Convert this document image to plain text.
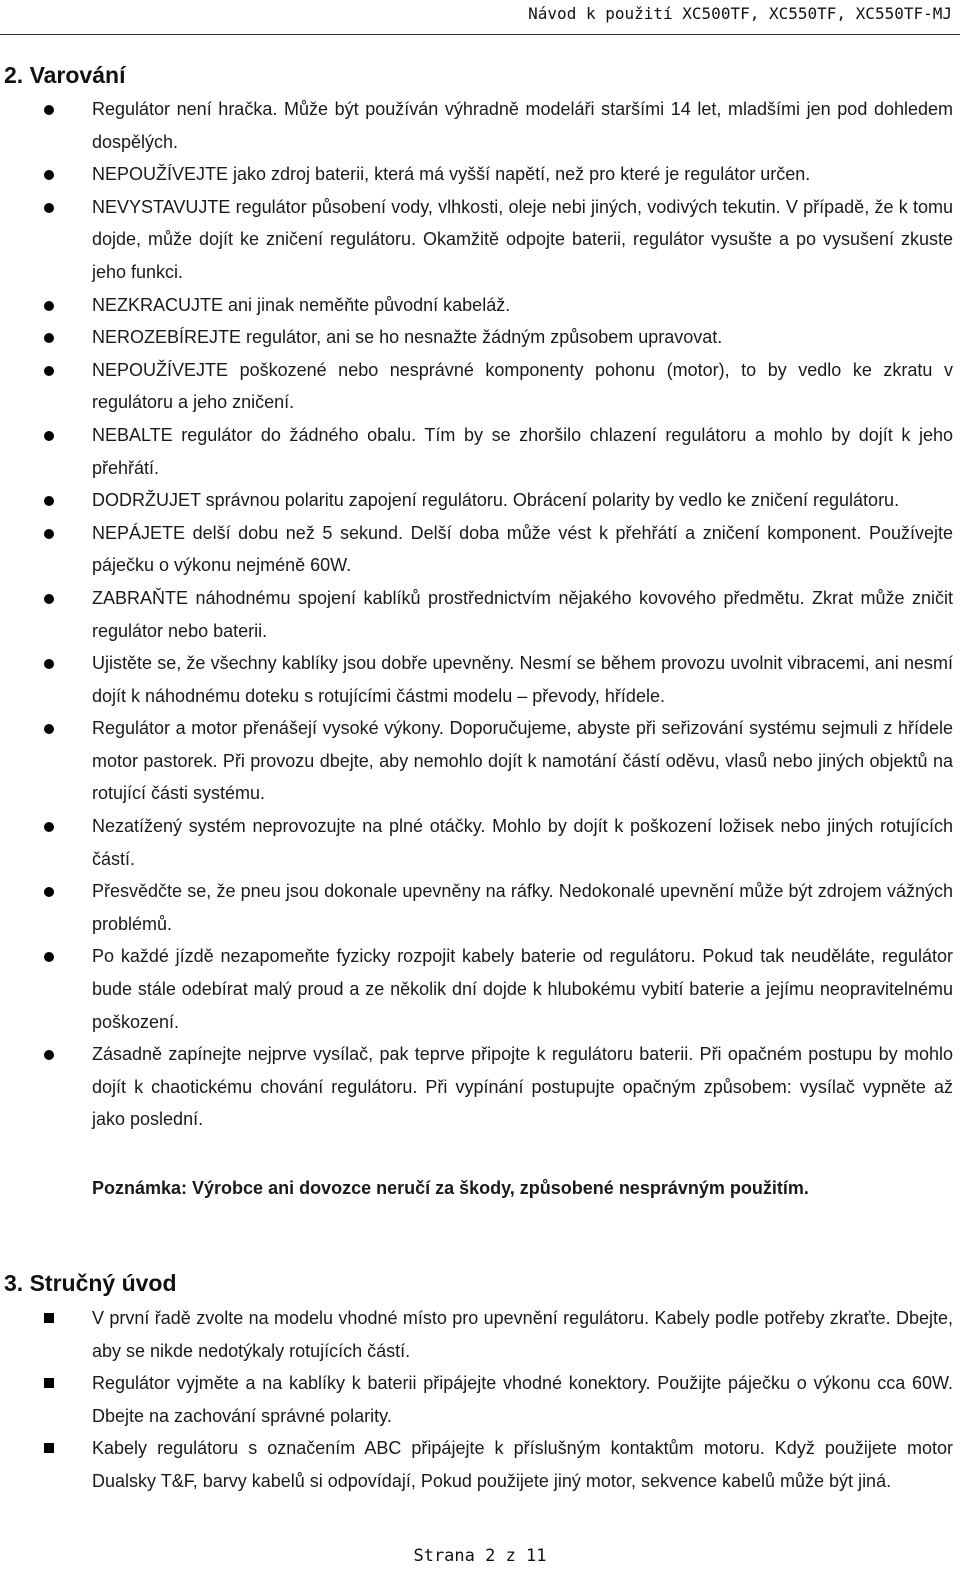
Návod k použití XC500TF, XC550TF, XC550TF-MJ
2. Varování
Regulátor není hračka. Může být používán výhradně modeláři staršími 14 let, mladšími jen pod dohledem dospělých.
NEPOUŽÍVEJTE jako zdroj baterii, která má vyšší napětí, než pro které je regulátor určen.
NEVYSTAVUJTE regulátor působení vody, vlhkosti, oleje nebi jiných, vodivých tekutin. V případě, že k tomu dojde, může dojít ke zničení regulátoru. Okamžitě odpojte baterii, regulátor vysušte a po vysušení zkuste jeho funkci.
NEZKRACUJTE ani jinak neměňte původní kabeláž.
NEROZEBÍREJTE regulátor, ani se ho nesnažte žádným způsobem upravovat.
NEPOUŽÍVEJTE poškozené nebo nesprávné komponenty pohonu (motor), to by vedlo ke zkratu v regulátoru a jeho zničení.
NEBALTE regulátor do žádného obalu. Tím by se zhoršilo chlazení regulátoru a mohlo by dojít k jeho přehřátí.
DODRŽUJET správnou polaritu zapojení regulátoru. Obrácení polarity by vedlo ke zničení regulátoru.
NEPÁJETE delší dobu než 5 sekund. Delší doba může vést k přehřátí a zničení komponent. Používejte páječku o výkonu nejméně 60W.
ZABRAŇTE náhodnému spojení kablíků prostřednictvím nějakého kovového předmětu. Zkrat může zničit regulátor nebo baterii.
Ujistěte se, že všechny kablíky jsou dobře upevněny. Nesmí se během provozu uvolnit vibracemi, ani nesmí dojít k náhodnému doteku s rotujícími částmi modelu – převody, hřídele.
Regulátor a motor přenášejí vysoké výkony. Doporučujeme, abyste při seřizování systému sejmuli z hřídele motor pastorek. Při provozu dbejte, aby nemohlo dojít k namotání částí oděvu, vlasů nebo jiných objektů na rotující části systému.
Nezatížený systém neprovozujte na plné otáčky. Mohlo by dojít k poškození ložisek nebo jiných rotujících částí.
Přesvědčte se, že pneu jsou dokonale upevněny na ráfky. Nedokonalé upevnění může být zdrojem vážných problémů.
Po každé jízdě nezapomeňte fyzicky rozpojit kabely baterie od regulátoru. Pokud tak neuděláte, regulátor bude stále odebírat malý proud a ze několik dní dojde k hlubokému vybití baterie a jejímu neopravitelnému poškození.
Zásadně zapínejte nejprve vysílač, pak teprve připojte k regulátoru baterii. Při opačném postupu by mohlo dojít k chaotickému chování regulátoru. Při vypínání postupujte opačným způsobem: vysílač vypněte až jako poslední.
Poznámka: Výrobce ani dovozce neručí za škody, způsobené nesprávným použitím.
3. Stručný úvod
V první řadě zvolte na modelu vhodné místo pro upevnění regulátoru. Kabely podle potřeby zkraťte. Dbejte, aby se nikde nedotýkaly rotujících částí.
Regulátor vyjměte a na kablíky k baterii připájejte vhodné konektory. Použijte páječku o výkonu cca 60W. Dbejte na zachování správné polarity.
Kabely regulátoru s označením ABC připájejte k příslušným kontaktům motoru. Když použijete motor Dualsky T&F, barvy kabelů si odpovídají, Pokud použijete jiný motor, sekvence kabelů může být jiná.
Strana 2 z 11
